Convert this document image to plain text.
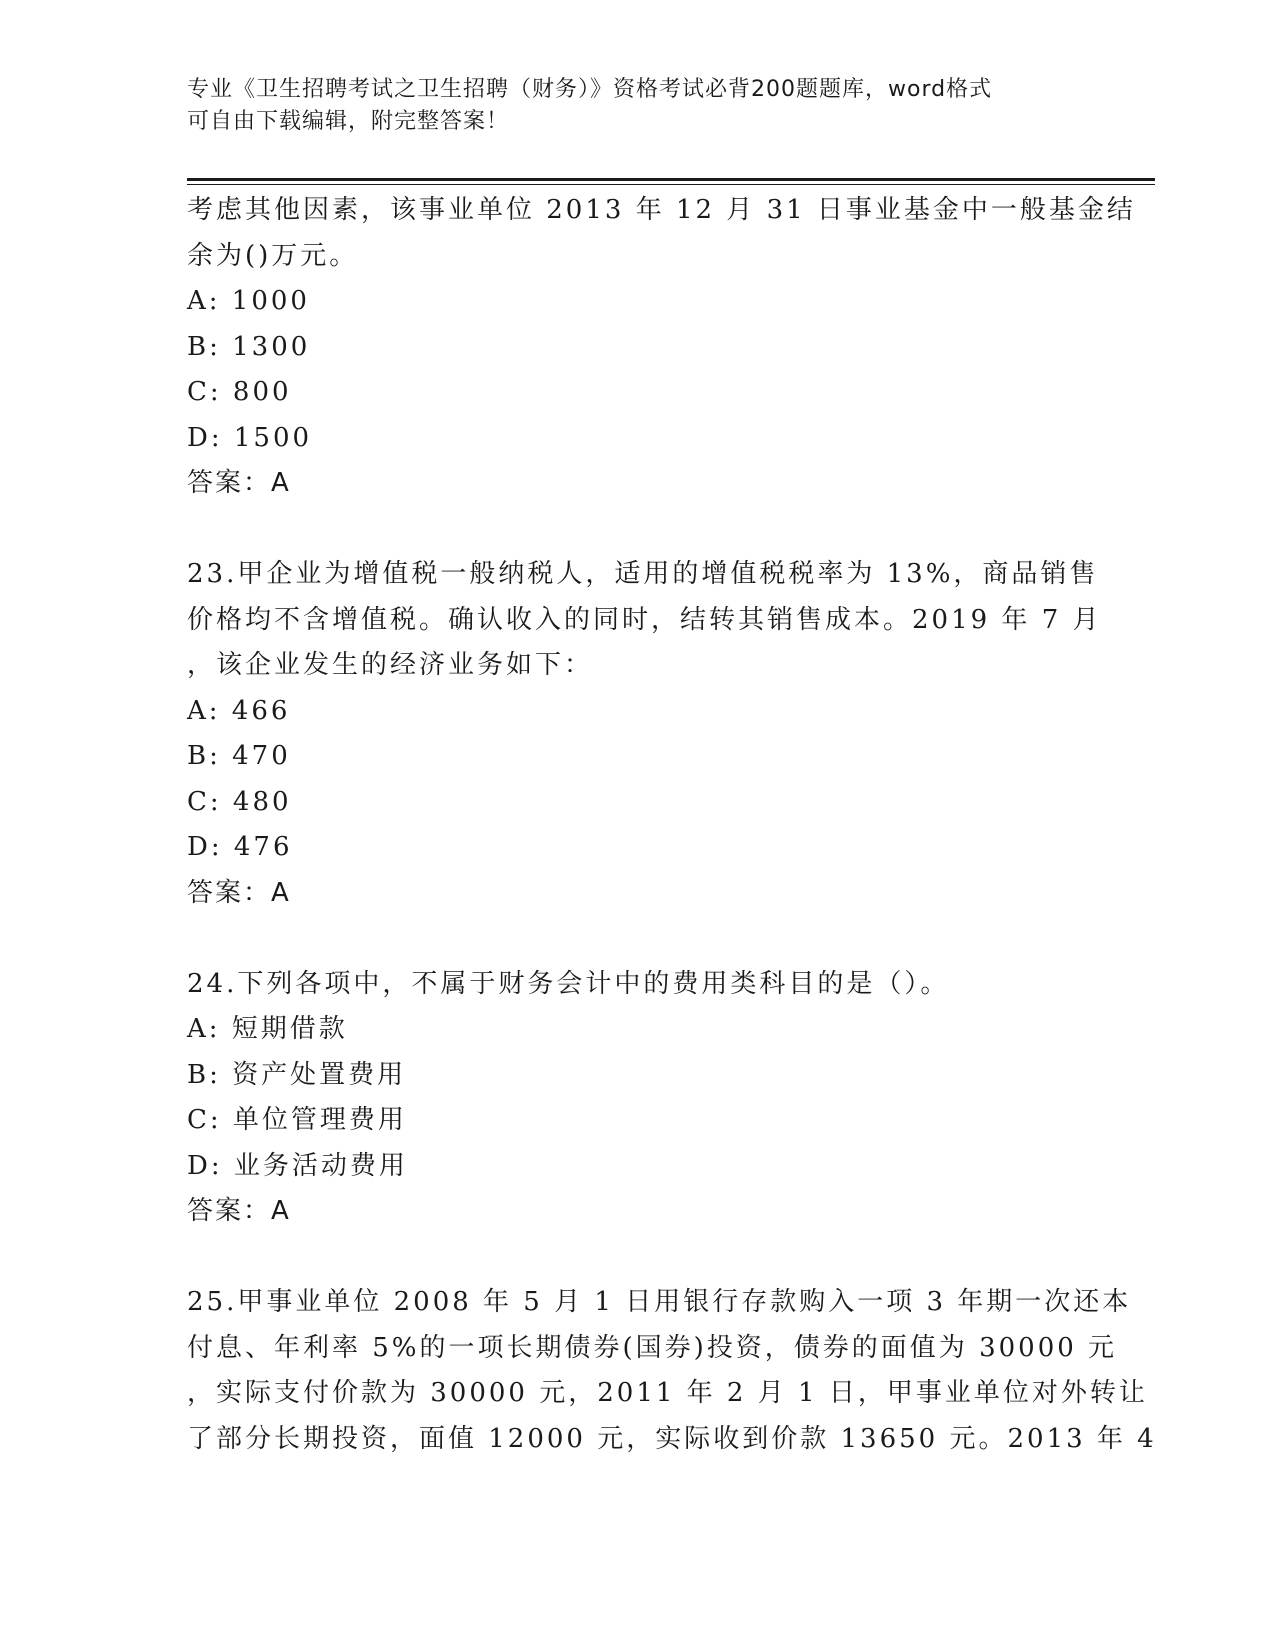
专业《卫生招聘考试之卫生招聘（财务）》资格考试必背200题题库，word格式
可自由下载编辑，附完整答案！
考虑其他因素，该事业单位 2013 年 12 月 31 日事业基金中一般基金结
余为()万元。
A: 1000
B: 1300
C: 800
D: 1500
答案：A
23.甲企业为增值税一般纳税人，适用的增值税税率为 13%，商品销售
价格均不含增值税。确认收入的同时，结转其销售成本。2019 年 7 月
，该企业发生的经济业务如下：
A: 466
B: 470
C: 480
D: 476
答案：A
24.下列各项中，不属于财务会计中的费用类科目的是（）。
A: 短期借款
B: 资产处置费用
C: 单位管理费用
D: 业务活动费用
答案：A
25.甲事业单位 2008 年 5 月 1 日用银行存款购入一项 3 年期一次还本
付息、年利率 5%的一项长期债券(国券)投资，债券的面值为 30000 元
，实际支付价款为 30000 元，2011 年 2 月 1 日，甲事业单位对外转让
了部分长期投资，面值 12000 元，实际收到价款 13650 元。2013 年 4
